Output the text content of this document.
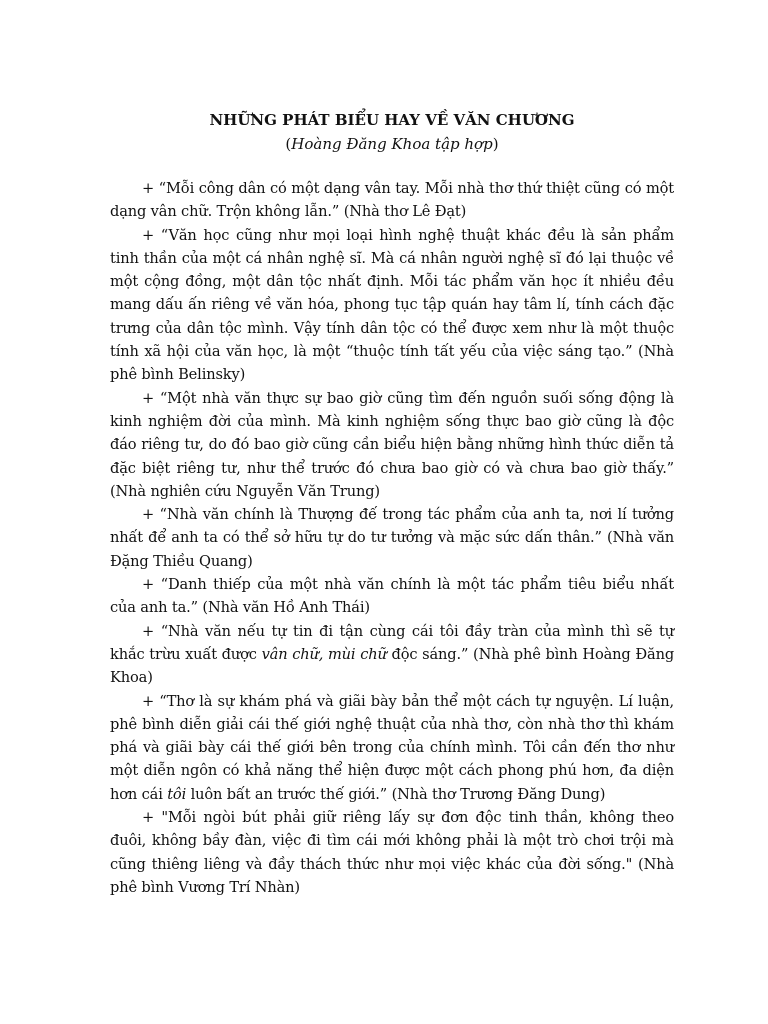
NHỮNG PHÁT BIỂU HAY VỀ VĂN CHƯƠNG

(Hoàng Đăng Khoa tập hợp)

+ “Mỗi công dân có một dạng vân tay. Mỗi nhà thơ thứ thiệt cũng có một dạng vân chữ. Trộn không lẫn.” (Nhà thơ Lê Đạt)

+ “Văn học cũng như mọi loại hình nghệ thuật khác đều là sản phẩm tinh thần của một cá nhân nghệ sĩ. Mà cá nhân người nghệ sĩ đó lại thuộc về một cộng đồng, một dân tộc nhất định. Mỗi tác phẩm văn học ít nhiều đều mang dấu ấn riêng về văn hóa, phong tục tập quán hay tâm lí, tính cách đặc trưng của dân tộc mình. Vậy tính dân tộc có thể được xem như là một thuộc tính xã hội của văn học, là một “thuộc tính tất yếu của việc sáng tạo.” (Nhà phê bình Belinsky)

+ “Một nhà văn thực sự bao giờ cũng tìm đến nguồn suối sống động là kinh nghiệm đời của mình. Mà kinh nghiệm sống thực bao giờ cũng là độc đáo riêng tư, do đó bao giờ cũng cần biểu hiện bằng những hình thức diễn tả đặc biệt riêng tư, như thể trước đó chưa bao giờ có và chưa bao giờ thấy.” (Nhà nghiên cứu Nguyễn Văn Trung)

+ “Nhà văn chính là Thượng đế trong tác phẩm của anh ta, nơi lí tưởng nhất để anh ta có thể sở hữu tự do tư tưởng và mặc sức dấn thân.” (Nhà văn Đặng Thiều Quang)

+ “Danh thiếp của một nhà văn chính là một tác phẩm tiêu biểu nhất của anh ta.” (Nhà văn Hồ Anh Thái)

+ “Nhà văn nếu tự tin đi tận cùng cái tôi đầy tràn của mình thì sẽ tự khắc trừu xuất được vân chữ, mùi chữ độc sáng.” (Nhà phê bình Hoàng Đăng Khoa)

+ “Thơ là sự khám phá và giãi bày bản thể một cách tự nguyện. Lí luận, phê bình diễn giải cái thế giới nghệ thuật của nhà thơ, còn nhà thơ thì khám phá và giãi bày cái thế giới bên trong của chính mình. Tôi cần đến thơ như một diễn ngôn có khả năng thể hiện được một cách phong phú hơn, đa diện hơn cái tôi luôn bất an trước thế giới.” (Nhà thơ Trương Đăng Dung)

+ "Mỗi ngòi bút phải giữ riêng lấy sự đơn độc tinh thần, không theo đuôi, không bầy đàn, việc đi tìm cái mới không phải là một trò chơi trội mà cũng thiêng liêng và đầy thách thức như mọi việc khác của đời sống." (Nhà phê bình Vương Trí Nhàn)
